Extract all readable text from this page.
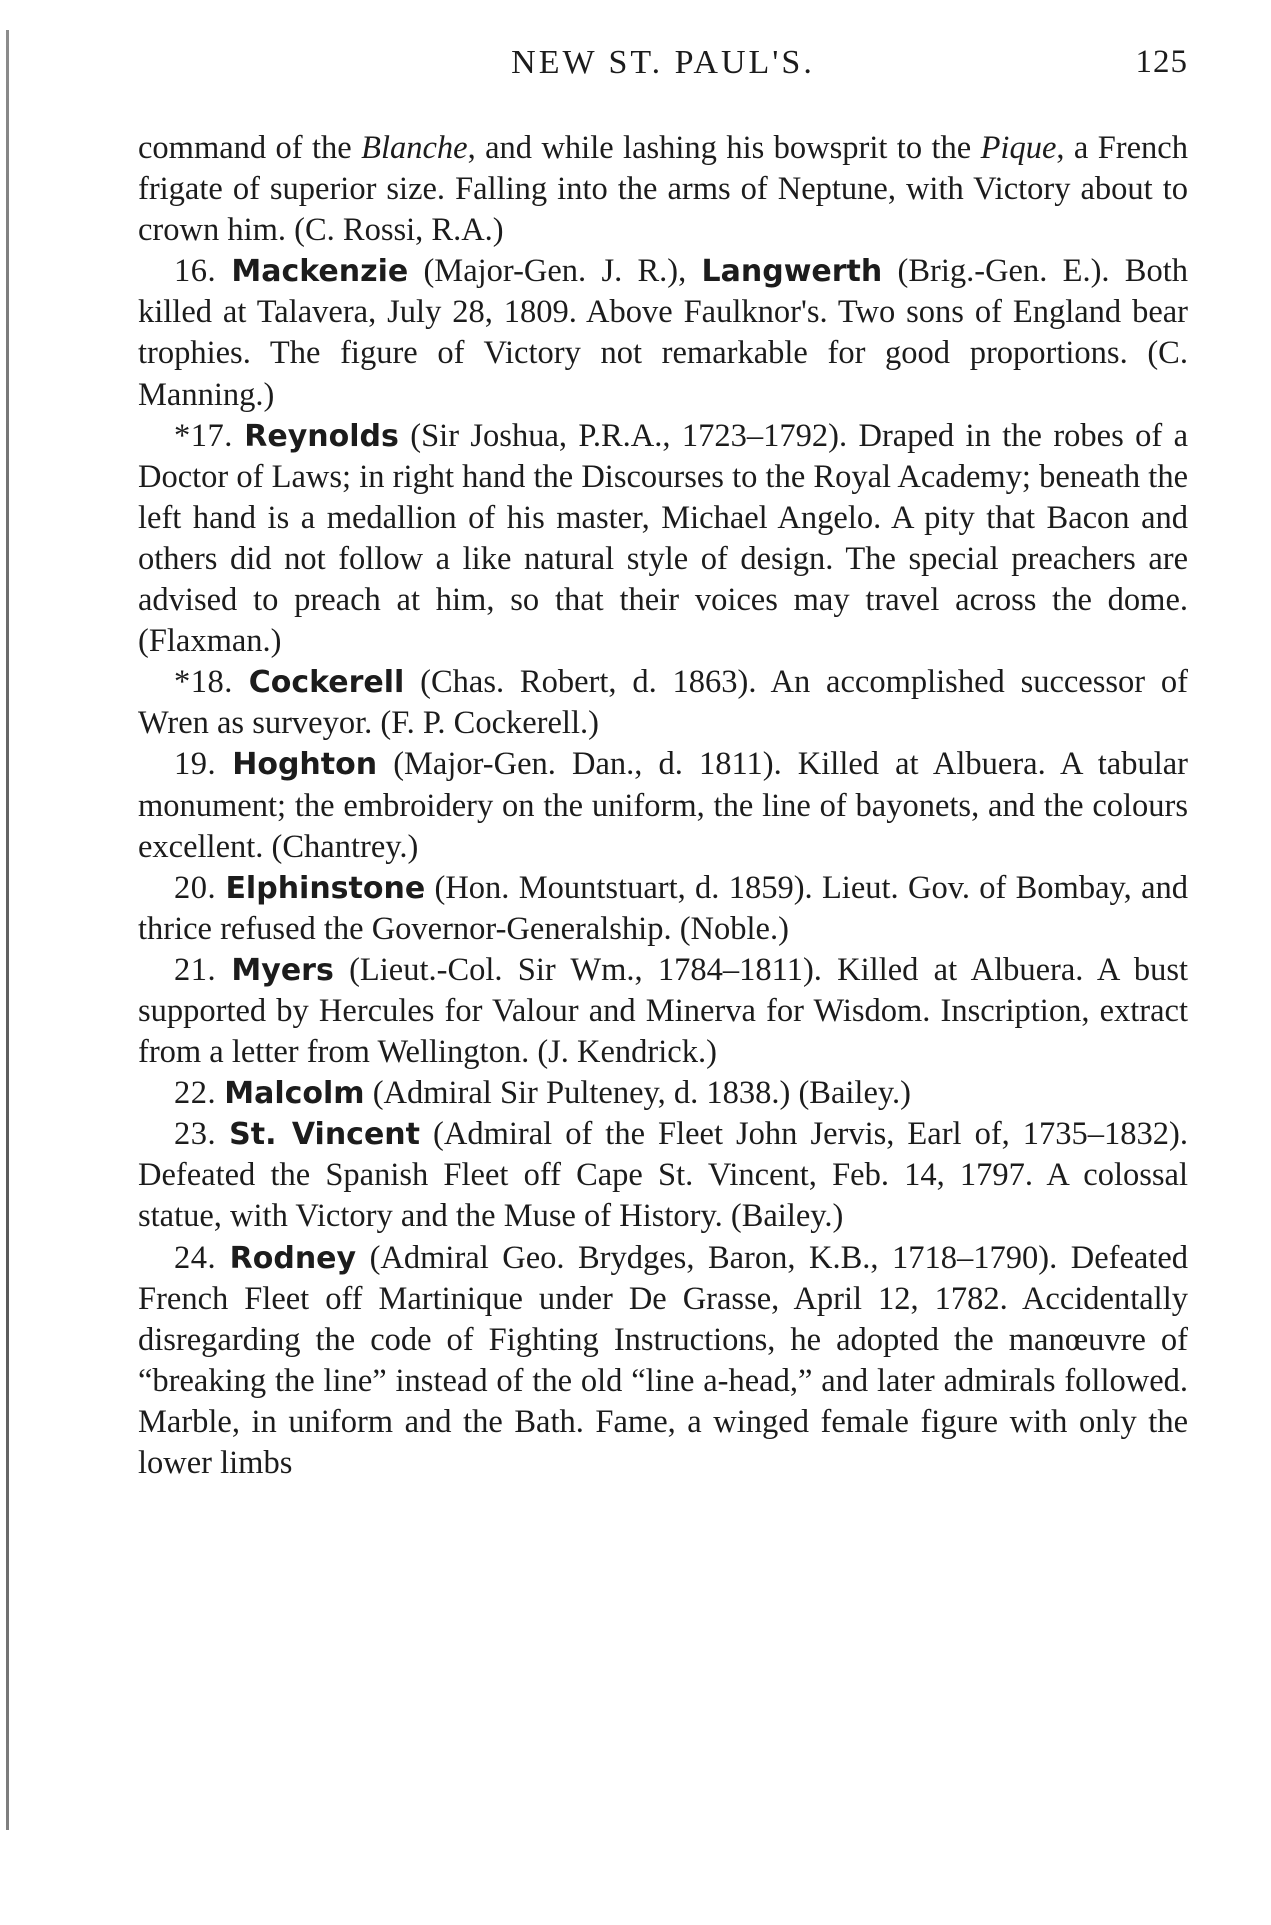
NEW ST. PAUL'S.	125

command of the Blanche, and while lashing his bowsprit to the Pique, a French frigate of superior size. Falling into the arms of Neptune, with Victory about to crown him. (C. Rossi, R.A.)

16. Mackenzie (Major-Gen. J. R.), Langwerth (Brig.-Gen. E.). Both killed at Talavera, July 28, 1809. Above Faulknor's. Two sons of England bear trophies. The figure of Victory not remarkable for good proportions. (C. Manning.)

*17. Reynolds (Sir Joshua, P.R.A., 1723–1792). Draped in the robes of a Doctor of Laws; in right hand the Discourses to the Royal Academy; beneath the left hand is a medallion of his master, Michael Angelo. A pity that Bacon and others did not follow a like natural style of design. The special preachers are advised to preach at him, so that their voices may travel across the dome. (Flaxman.)

*18. Cockerell (Chas. Robert, d. 1863). An accomplished successor of Wren as surveyor. (F. P. Cockerell.)

19. Hoghton (Major-Gen. Dan., d. 1811). Killed at Albuera. A tabular monument; the embroidery on the uniform, the line of bayonets, and the colours excellent. (Chantrey.)

20. Elphinstone (Hon. Mountstuart, d. 1859). Lieut. Gov. of Bombay, and thrice refused the Governor-Generalship. (Noble.)

21. Myers (Lieut.-Col. Sir Wm., 1784–1811). Killed at Albuera. A bust supported by Hercules for Valour and Minerva for Wisdom. Inscription, extract from a letter from Wellington. (J. Kendrick.)

22. Malcolm (Admiral Sir Pulteney, d. 1838.) (Bailey.)

23. St. Vincent (Admiral of the Fleet John Jervis, Earl of, 1735–1832). Defeated the Spanish Fleet off Cape St. Vincent, Feb. 14, 1797. A colossal statue, with Victory and the Muse of History. (Bailey.)

24. Rodney (Admiral Geo. Brydges, Baron, K.B., 1718–1790). Defeated French Fleet off Martinique under De Grasse, April 12, 1782. Accidentally disregarding the code of Fighting Instructions, he adopted the manœuvre of “breaking the line” instead of the old “line a-head,” and later admirals followed. Marble, in uniform and the Bath. Fame, a winged female figure with only the lower limbs
